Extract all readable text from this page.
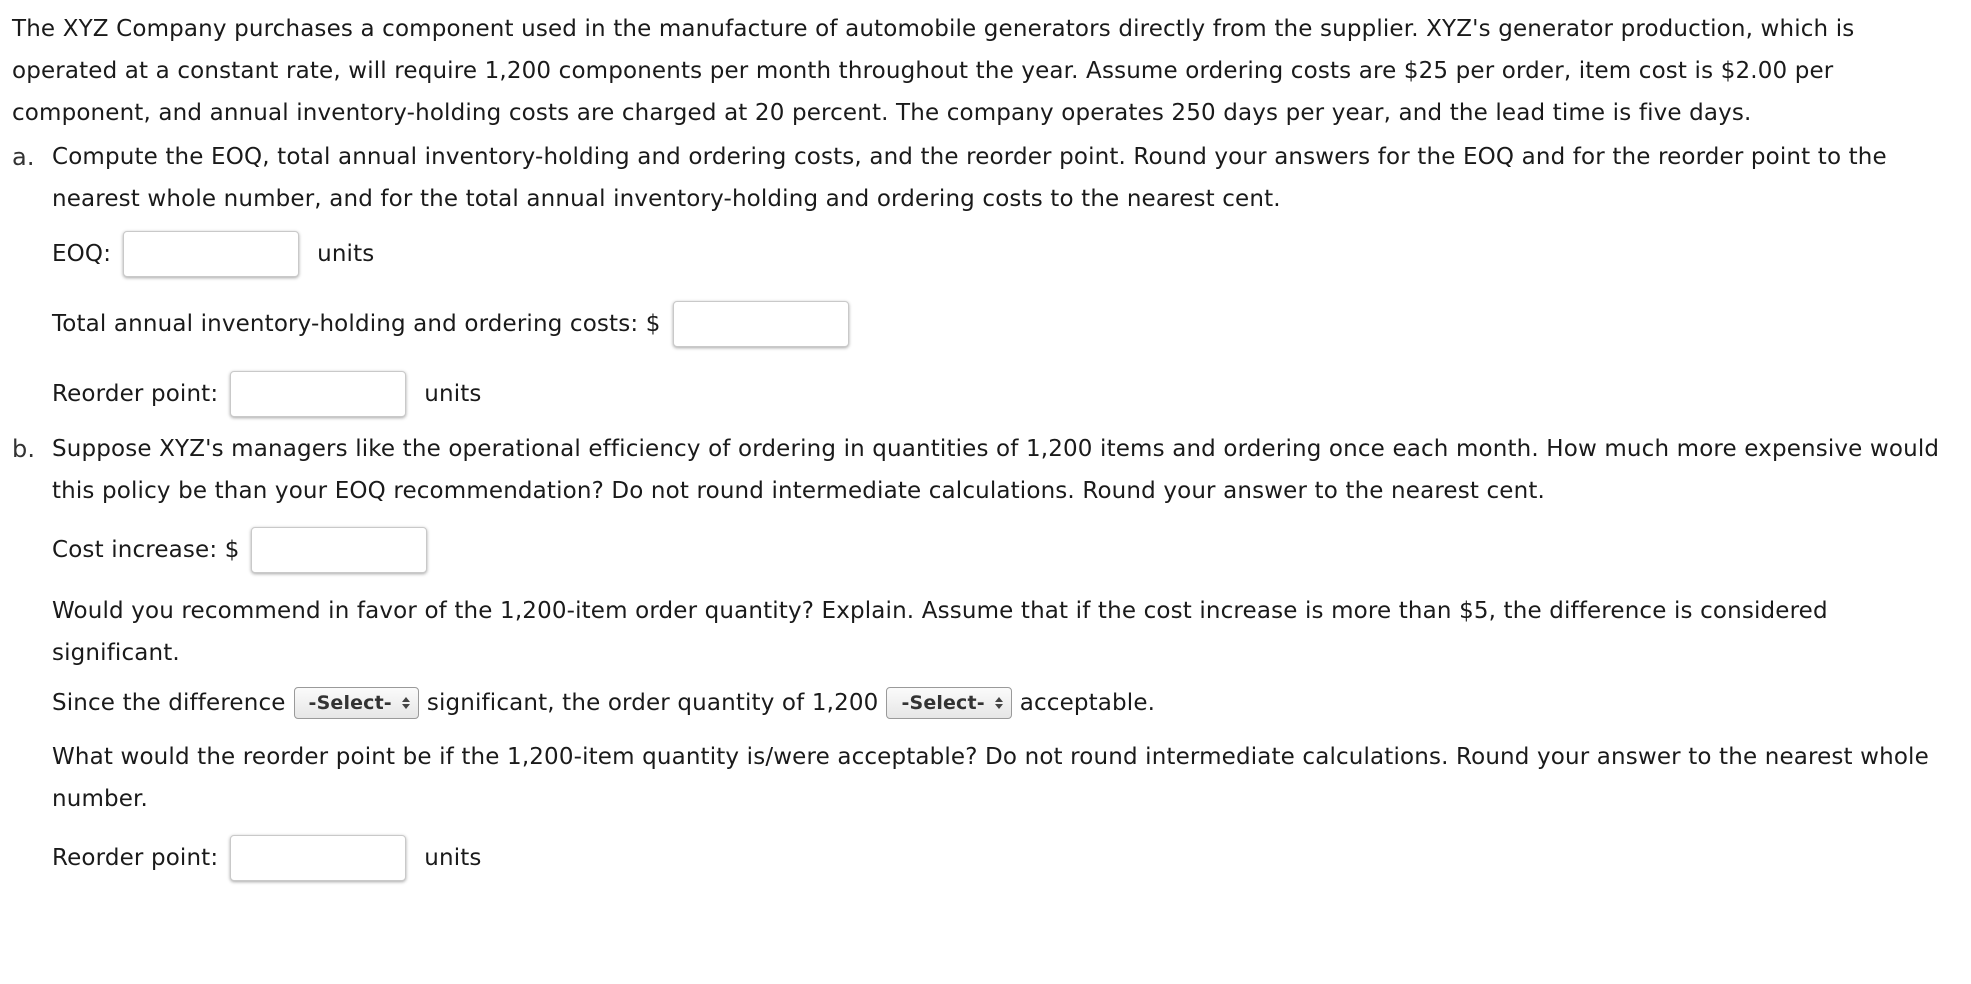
The XYZ Company purchases a component used in the manufacture of automobile generators directly from the supplier. XYZ's generator production, which is operated at a constant rate, will require 1,200 components per month throughout the year. Assume ordering costs are $25 per order, item cost is $2.00 per component, and annual inventory-holding costs are charged at 20 percent. The company operates 250 days per year, and the lead time is five days.

a. Compute the EOQ, total annual inventory-holding and ordering costs, and the reorder point. Round your answers for the EOQ and for the reorder point to the nearest whole number, and for the total annual inventory-holding and ordering costs to the nearest cent.

EOQ:	units
Total annual inventory-holding and ordering costs: $
Reorder point:	units
b. Suppose XYZ's managers like the operational efficiency of ordering in quantities of 1,200 items and ordering once each month. How much more expensive would this policy be than your EOQ recommendation? Do not round intermediate calculations. Round your answer to the nearest cent.

Cost increase: $

Would you recommend in favor of the 1,200-item order quantity? Explain. Assume that if the cost increase is more than $5, the difference is considered significant.

Since the difference -Select- significant, the order quantity of 1,200 -Select- acceptable.

What would the reorder point be if the 1,200-item quantity is/were acceptable? Do not round intermediate calculations. Round your answer to the nearest whole number.

Reorder point:	units
